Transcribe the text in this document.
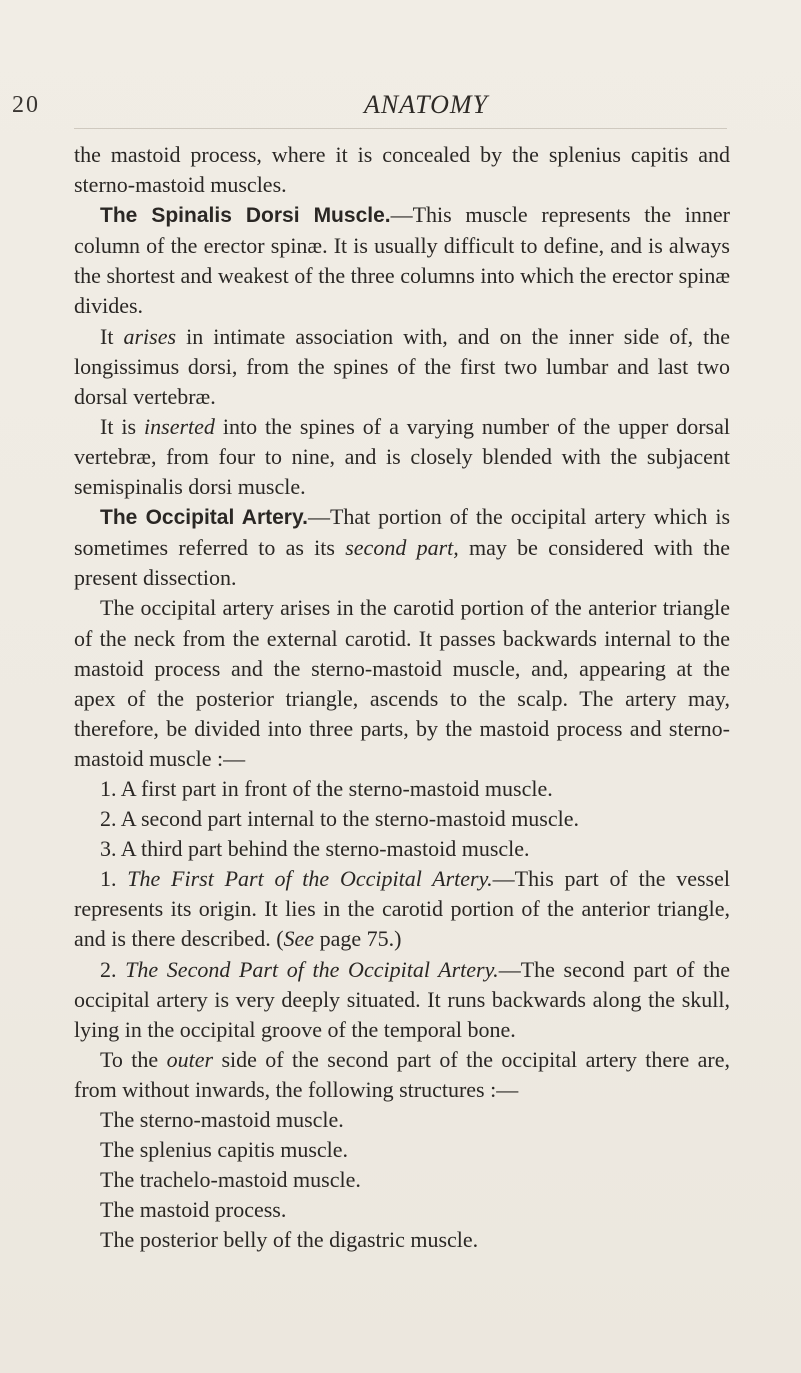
20	ANATOMY

the mastoid process, where it is concealed by the splenius capitis and sterno-mastoid muscles.

The Spinalis Dorsi Muscle.—This muscle represents the inner column of the erector spinæ. It is usually difficult to define, and is always the shortest and weakest of the three columns into which the erector spinæ divides.

It arises in intimate association with, and on the inner side of, the longissimus dorsi, from the spines of the first two lumbar and last two dorsal vertebræ.

It is inserted into the spines of a varying number of the upper dorsal vertebræ, from four to nine, and is closely blended with the subjacent semispinalis dorsi muscle.

The Occipital Artery.—That portion of the occipital artery which is sometimes referred to as its second part, may be considered with the present dissection.

The occipital artery arises in the carotid portion of the anterior triangle of the neck from the external carotid. It passes backwards internal to the mastoid process and the sterno-mastoid muscle, and, appearing at the apex of the posterior triangle, ascends to the scalp. The artery may, therefore, be divided into three parts, by the mastoid process and sterno-mastoid muscle :—

1. A first part in front of the sterno-mastoid muscle.

2. A second part internal to the sterno-mastoid muscle.

3. A third part behind the sterno-mastoid muscle.

1. The First Part of the Occipital Artery.—This part of the vessel represents its origin. It lies in the carotid portion of the anterior triangle, and is there described. (See page 75.)

2. The Second Part of the Occipital Artery.—The second part of the occipital artery is very deeply situated. It runs backwards along the skull, lying in the occipital groove of the temporal bone.

To the outer side of the second part of the occipital artery there are, from without inwards, the following structures :—

The sterno-mastoid muscle.

The splenius capitis muscle.

The trachelo-mastoid muscle.

The mastoid process.

The posterior belly of the digastric muscle.
